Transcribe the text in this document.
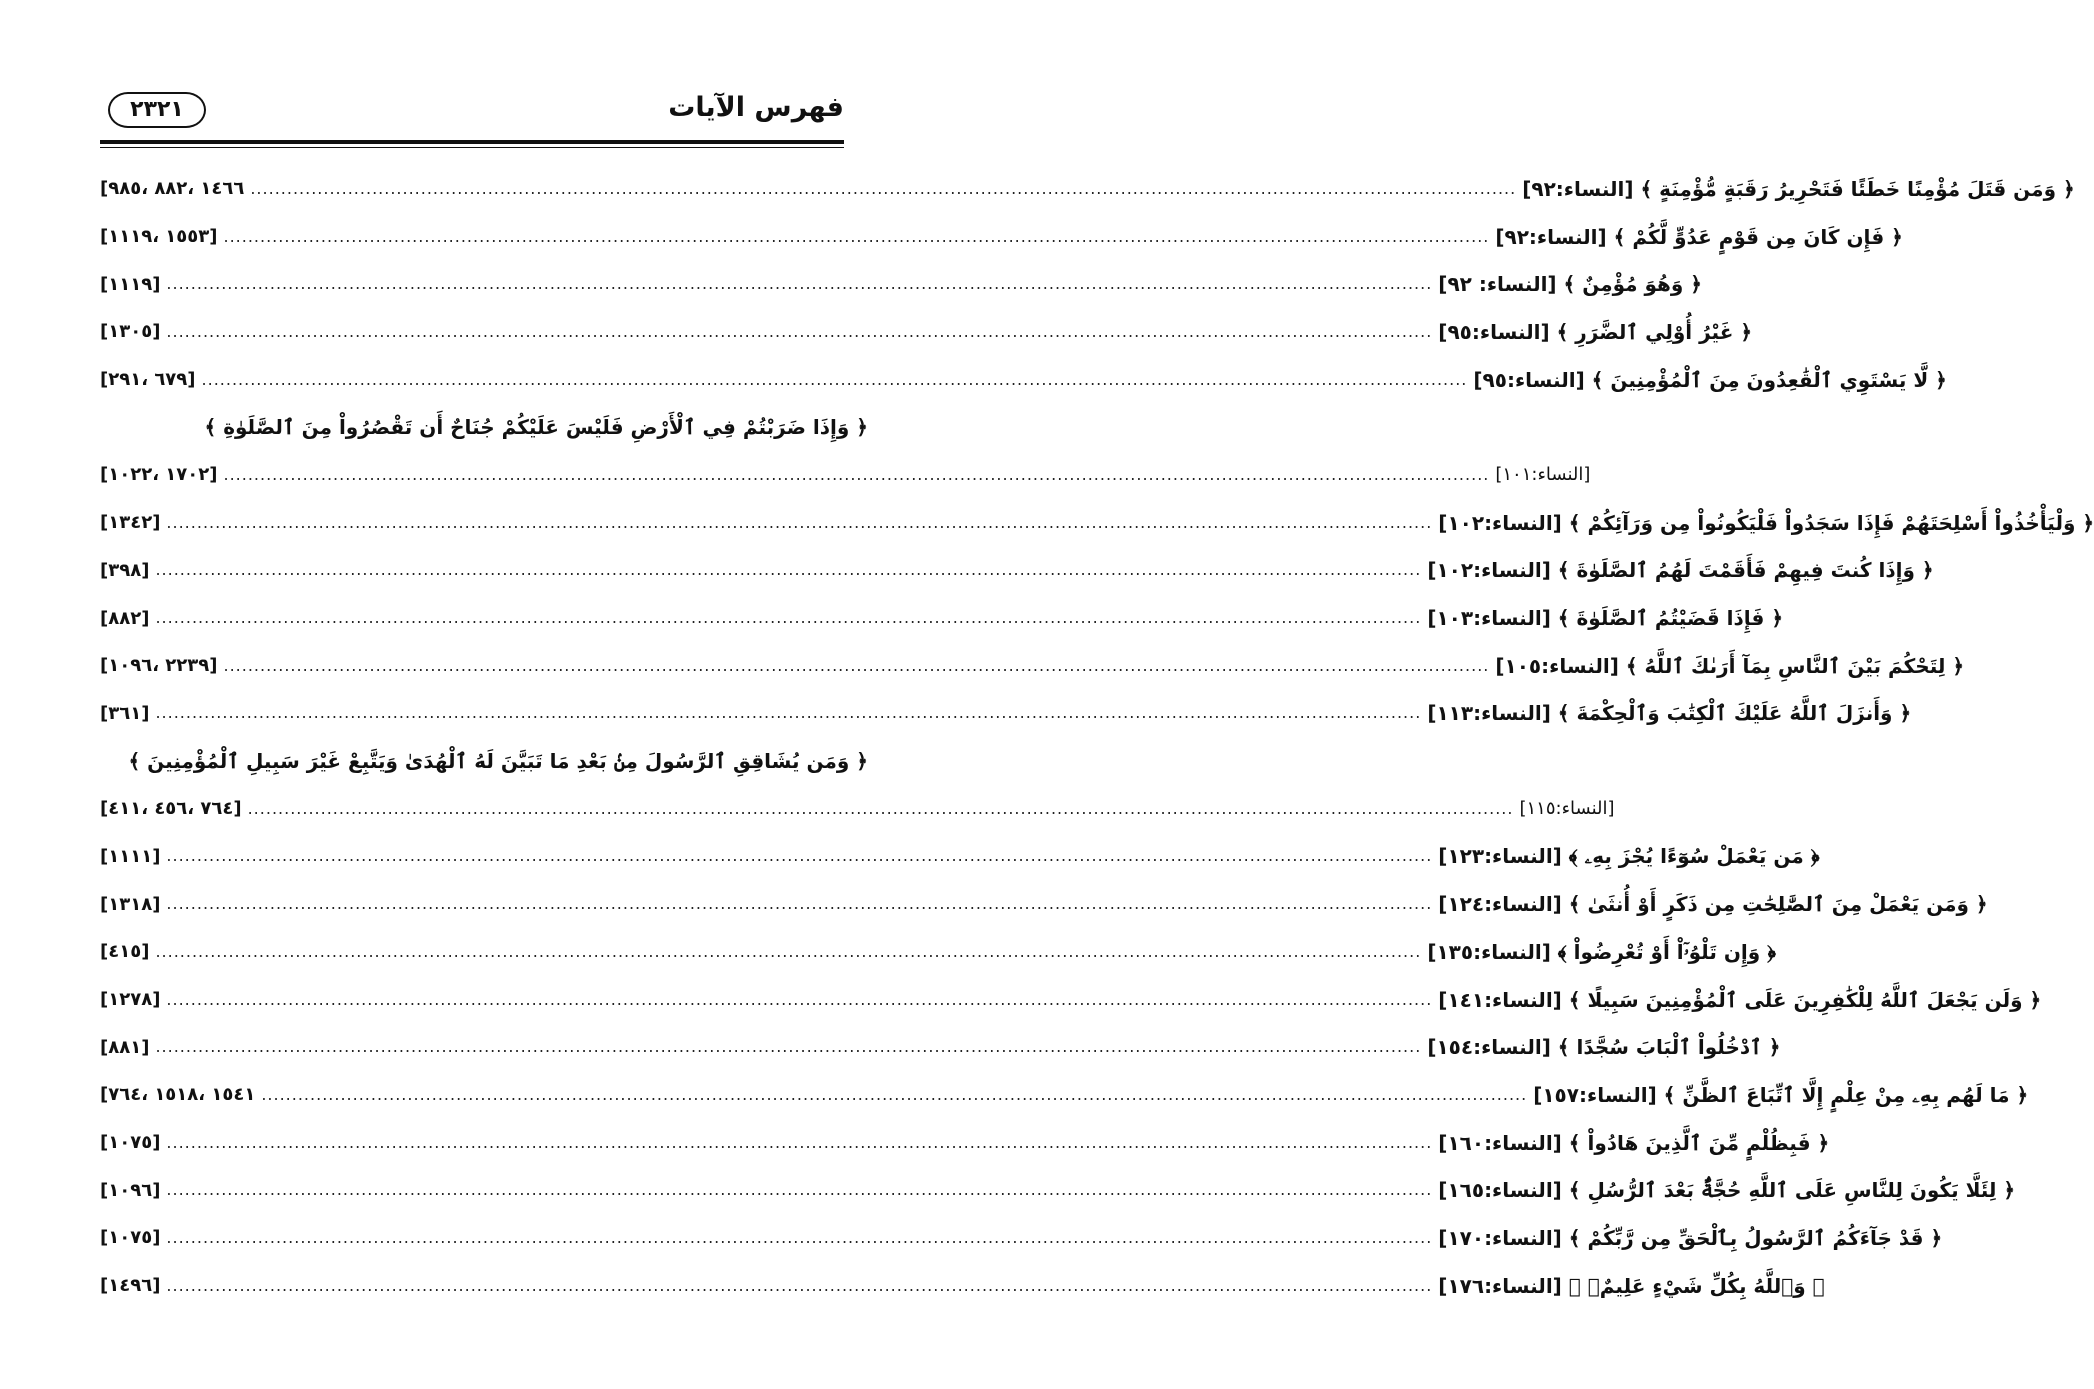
فهرس الآيات
٢٣٢١
[١٤٦٦ ،٨٨٢ ،٩٨٥ .....	﴿ وَمَن قَتَلَ مُؤْمِنًا خَطَئًا فَتَحْرِيرُ رَقَبَةٍ مُّؤْمِنَةٍ ﴾ [النساء:٩٢]
[١٥٥٣ ،١١١٩] .....	﴿ فَإِن كَانَ مِن قَوْمٍ عَدُوٍّ لَّكُمْ ﴾ [النساء:٩٢]
[١١١٩] .....	﴿ وَهُوَ مُؤْمِنٌ ﴾ [النساء: ٩٢]
[١٣٠٥] .....	﴿ غَيْرُ أُوْلِي ٱلضَّرَرِ ﴾ [النساء:٩٥]
[٦٧٩ ،٢٩١] .....	﴿ لَّا يَسْتَوِي ٱلْقَٰعِدُونَ مِنَ ٱلْمُؤْمِنِينَ ﴾ [النساء:٩٥]
﴿ وَإِذَا ضَرَبْتُمْ فِي ٱلْأَرْضِ فَلَيْسَ عَلَيْكُمْ جُنَاحٌ أَن تَقْصُرُواْ مِنَ ٱلصَّلَوٰةِ ﴾
[١٧٠٢ ،١٠٢٢] .....	[النساء:١٠١]
[١٣٤٢] .....	﴿ وَلْيَأْخُذُواْ أَسْلِحَتَهُمْ فَإِذَا سَجَدُواْ فَلْيَكُونُواْ مِن وَرَآئِكُمْ ﴾ [النساء:١٠٢]
[٣٩٨] .....	﴿ وَإِذَا كُنتَ فِيهِمْ فَأَقَمْتَ لَهُمُ ٱلصَّلَوٰةَ ﴾ [النساء:١٠٢]
[٨٨٢] .....	﴿ فَإِذَا قَضَيْتُمُ ٱلصَّلَوٰةَ ﴾ [النساء:١٠٣]
[٢٢٣٩ ،١٠٩٦] .....	﴿ لِتَحْكُمَ بَيْنَ ٱلنَّاسِ بِمَآ أَرَىٰكَ ٱللَّهُ ﴾ [النساء:١٠٥]
[٣٦١] .....	﴿ وَأَنزَلَ ٱللَّهُ عَلَيْكَ ٱلْكِتَٰبَ وَٱلْحِكْمَةَ ﴾ [النساء:١١٣]
﴿ وَمَن يُشَاقِقِ ٱلرَّسُولَ مِنۢ بَعْدِ مَا تَبَيَّنَ لَهُ ٱلْهُدَىٰ وَيَتَّبِعْ غَيْرَ سَبِيلِ ٱلْمُؤْمِنِينَ ﴾
[٧٦٤ ،٤٥٦ ،٤١١] .....	[النساء:١١٥]
[١١١١] .....	﴿ مَن يَعْمَلْ سُوٓءًا يُجْزَ بِهِۦ ﴾ [النساء:١٢٣]
[١٣١٨] .....	﴿ وَمَن يَعْمَلْ مِنَ ٱلصَّٰلِحَٰتِ مِن ذَكَرٍ أَوْ أُنثَىٰ ﴾ [النساء:١٢٤]
[٤١٥] .....	﴿ وَإِن تَلْوُۥٓاْ أَوْ تُعْرِضُواْ ﴾ [النساء:١٣٥]
[١٢٧٨] .....	﴿ وَلَن يَجْعَلَ ٱللَّهُ لِلْكَٰفِرِينَ عَلَى ٱلْمُؤْمِنِينَ سَبِيلًا ﴾ [النساء:١٤١]
[٨٨١] .....	﴿ ٱدْخُلُواْ ٱلْبَابَ سُجَّدًا ﴾ [النساء:١٥٤]
[١٥٤١ ،١٥١٨ ،٧٦٤ .....	﴿ مَا لَهُم بِهِۦ مِنْ عِلْمٍ إِلَّا ٱتِّبَاعَ ٱلظَّنِّ ﴾ [النساء:١٥٧]
[١٠٧٥] .....	﴿ فَبِظُلْمٍ مِّنَ ٱلَّذِينَ هَادُواْ ﴾ [النساء:١٦٠]
[١٠٩٦] .....	﴿ لِئَلَّا يَكُونَ لِلنَّاسِ عَلَى ٱللَّهِ حُجَّةٌۢ بَعْدَ ٱلرُّسُلِ ﴾ [النساء:١٦٥]
[١٠٧٥] .....	﴿ قَدْ جَآءَكُمُ ٱلرَّسُولُ بِٱلْحَقِّ مِن رَّبِّكُمْ ﴾ [النساء:١٧٠]
[١٤٩٦] .....	﴿ وَٱللَّهُ بِكُلِّ شَيْءٍ عَلِيمٌۢ ﴾ [النساء:١٧٦]
